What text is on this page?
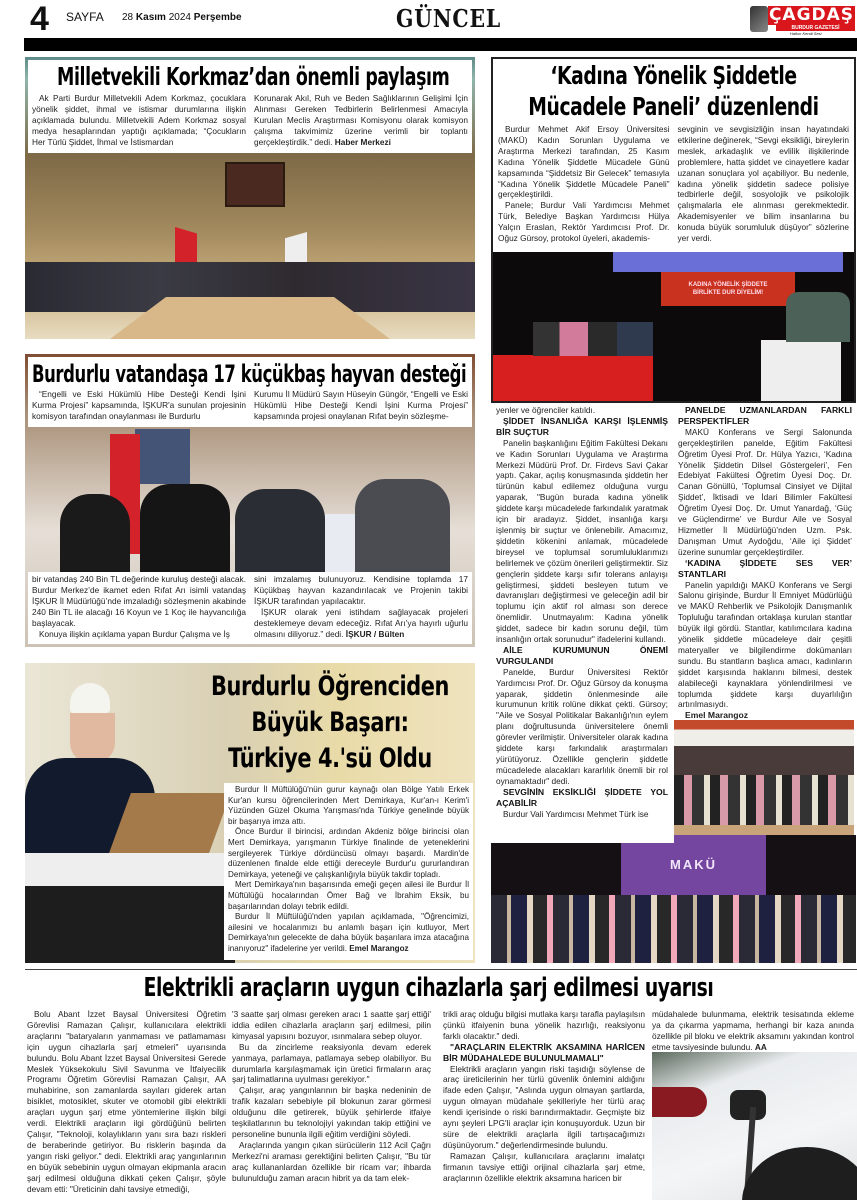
4 SAYFA 28 Kasım 2024 Perşembe	GÜNCEL	ÇAĞDAŞ
BURDUR GAZETESİ
Halkın Kendi Sesi
Milletvekili Korkmaz’dan önemli paylaşım

Ak Parti Burdur Milletvekili Adem Korkmaz, çocuklara yönelik şiddet, ihmal ve istismar durumlarına ilişkin açıklamada bulundu. Milletvekili Adem Korkmaz sosyal medya hesaplarından yaptığı açıklamada; “Çocukların Her Türlü Şiddet, İhmal ve İstismardan

Korunarak Akıl, Ruh ve Beden Sağlıklarının Gelişimi İçin Alınması Gereken Tedbirlerin Belirlenmesi Amacıyla Kurulan Meclis Araştırması Komisyonu olarak komisyon çalışma takvimimiz üzerine verimli bir toplantı gerçekleştirdik.” dedi. Haber Merkezi

‘Kadına Yönelik Şiddetle
Mücadele Paneli’ düzenlendi

Burdur Mehmet Akif Ersoy Üniversitesi (MAKÜ) Kadın Sorunları Uygulama ve Araştırma Merkezi tarafından, 25 Kasım Kadına Yönelik Şiddetle Mücadele Günü kapsamında “Şiddetsiz Bir Gelecek” temasıyla “Kadına Yönelik Şiddetle Mücadele Paneli” gerçekleştirildi.

Panele; Burdur Vali Yardımcısı Mehmet Türk, Belediye Başkan Yardımcısı Hülya Yalçın Eraslan, Rektör Yardımcısı Prof. Dr. Oğuz Gürsoy, protokol üyeleri, akademis-

sevginin ve sevgisizliğin insan hayatındaki etkilerine değinerek, “Sevgi eksikliği, bireylerin meslek, arkadaşlık ve evlilik ilişkilerinde problemlere, hatta şiddet ve cinayetlere kadar uzanan sonuçlara yol açabiliyor. Bu nedenle, kadına yönelik şiddetin sadece polisiye tedbirlerle değil, sosyolojik ve psikolojik çalışmalarla ele alınması gerekmektedir. Akademisyenler ve bilim insanlarına bu konuda büyük sorumluluk düşüyor” sözlerine yer verdi.

KADINA YÖNELİK ŞİDDETE BİRLİKTE DUR DİYELİM!

yenler ve öğrenciler katıldı.

ŞİDDET İNSANLIĞA KARŞI İŞLENMİŞ BİR SUÇTUR

Panelin başkanlığını Eğitim Fakültesi Dekanı ve Kadın Sorunları Uygulama ve Araştırma Merkezi Müdürü Prof. Dr. Firdevs Savi Çakar yaptı. Çakar, açılış konuşmasında şiddetin her türünün kabul edilemez olduğuna vurgu yaparak, "Bugün burada kadına yönelik şiddete karşı mücadelede farkındalık yaratmak için bir aradayız. Şiddet, insanlığa karşı işlenmiş bir suçtur ve önlenebilir. Amacımız, şiddetin kökenini anlamak, mücadelede bireysel ve toplumsal sorumluluklarımızı belirlemek ve çözüm önerileri geliştirmektir. Siz gençlerin şiddete karşı sıfır tolerans anlayışı geliştirmesi, şiddeti besleyen tutum ve davranışları değiştirmesi ve geleceğin adil bir toplumu için aktif rol alması son derece önemlidir. Unutmayalım: Kadına yönelik şiddet, sadece bir kadın sorunu değil, tüm insanlığın ortak sorunudur" ifadelerini kullandı.

AİLE KURUMUNUN ÖNEMİ VURGULANDI

Panelde, Burdur Üniversitesi Rektör Yardımcısı Prof. Dr. Oğuz Gürsoy da konuşma yaparak, şiddetin önlenmesinde aile kurumunun kritik rolüne dikkat çekti. Gürsoy; "Aile ve Sosyal Politikalar Bakanlığı'nın eylem planı doğrultusunda üniversitelere önemli görevler verilmiştir. Üniversiteler olarak kadına şiddete karşı farkındalık araştırmaları yürütüyoruz. Özellikle gençlerin şiddetle mücadelede alacakları kararlılık önemli bir rol oynamaktadır" dedi.

SEVGİNİN EKSİKLİĞİ ŞİDDETE YOL AÇABİLİR

Burdur Vali Yardımcısı Mehmet Türk ise

PANELDE UZMANLARDAN FARKLI PERSPEKTİFLER

MAKÜ Konferans ve Sergi Salonunda gerçekleştirilen panelde, Eğitim Fakültesi Öğretim Üyesi Prof. Dr. Hülya Yazıcı, ‘Kadına Yönelik Şiddetin Dilsel Göstergeleri’, Fen Edebiyat Fakültesi Öğretim Üyesi Doç. Dr. Canan Gönüllü, ‘Toplumsal Cinsiyet ve Dijital Şiddet’, İktisadi ve İdari Bilimler Fakültesi Öğretim Üyesi Doç. Dr. Umut Yanardağ, ‘Güç ve Güçlendirme’ ve Burdur Aile ve Sosyal Hizmetler İl Müdürlüğü’nden Uzm. Psk. Danışman Umut Aydoğdu, ‘Aile içi Şiddet’ üzerine sunumlar gerçekleştirdiler.

‘KADINA ŞİDDETE SES VER’ STANTLARI

Panelin yapıldığı MAKÜ Konferans ve Sergi Salonu girişinde, Burdur İl Emniyet Müdürlüğü ve MAKÜ Rehberlik ve Psikolojik Danışmanlık Topluluğu tarafından ortaklaşa kurulan stantlar büyük ilgi gördü. Stantlar, katılımcılara kadına yönelik şiddetle mücadeleye dair çeşitli materyaller ve bilgilendirme dokümanları sundu. Bu stantların başlıca amacı, kadınların şiddet karşısında haklarını bilmesi, destek alabileceği kaynaklara yönlendirilmesi ve toplumda şiddete karşı duyarlılığın artırılmasıydı.

Emel Marangoz
MAKÜ
Burdurlu vatandaşa 17 küçükbaş hayvan desteği

“Engelli ve Eski Hükümlü Hibe Desteği Kendi İşini Kurma Projesi” kapsamında, İŞKUR'a sunulan projesinin komisyon tarafından onaylanması ile Burdurlu

Kurumu İl Müdürü Sayın Hüseyin Güngör, “Engelli ve Eski Hükümlü Hibe Desteği Kendi İşini Kurma Projesi” kapsamında projesi onaylanan Rıfat beyin sözleşme-

bir vatandaş 240 Bin TL değerinde kuruluş desteği alacak. Burdur Merkez’de ikamet eden Rıfat Arı isimli vatandaş İŞKUR İl Müdürlüğü’nde imzaladığı sözleşmenin akabinde 240 Bin TL ile alacağı 16 Koyun ve 1 Koç ile hayvancılığa başlayacak.

Konuya ilişkin açıklama yapan Burdur Çalışma ve İş

sini imzalamış bulunuyoruz. Kendisine toplamda 17 Küçükbaş hayvan kazandırılacak ve Projenin takibi İŞKUR tarafından yapılacaktır.

İŞKUR olarak yeni istihdam sağlayacak projeleri desteklemeye devam edeceğiz. Rıfat Arı’ya hayırlı uğurlu olmasını diliyoruz.” dedi. İŞKUR / Bülten

Burdurlu Öğrenciden
Büyük Başarı:
Türkiye 4.'sü Oldu

Burdur İl Müftülüğü'nün gurur kaynağı olan Bölge Yatılı Erkek Kur'an kursu öğrencilerinden Mert Demirkaya, Kur'an-ı Kerim'i Yüzünden Güzel Okuma Yarışması'nda Türkiye genelinde büyük bir başarıya imza attı.

Önce Burdur il birincisi, ardından Akdeniz bölge birincisi olan Mert Demirkaya, yarışmanın Türkiye finalinde de yeteneklerini sergileyerek Türkiye dördüncüsü olmayı başardı. Mardin'de düzenlenen finalde elde ettiği dereceyle Burdur'u gururlandıran Demirkaya, yeteneği ve çalışkanlığıyla büyük takdir topladı.

Mert Demirkaya'nın başarısında emeği geçen ailesi ile Burdur İl Müftülüğü hocalarından Ömer Bağ ve İbrahim Eksik, bu başarılarından dolayı tebrik edildi.

Burdur İl Müftülüğü'nden yapılan açıklamada, "Öğrencimizi, ailesini ve hocalarımızı bu anlamlı başarı için kutluyor, Mert Demirkaya'nın gelecekte de daha büyük başarılara imza atacağına inanıyoruz" ifadelerine yer verildi. Emel Marangoz

Elektrikli araçların uygun cihazlarla şarj edilmesi uyarısı

Bolu Abant İzzet Baysal Üniversitesi Öğretim Görevlisi Ramazan Çalışır, kullanıcılara elektrikli araçlarını "bataryaların yanmaması ve patlamaması için uygun cihazlarla şarj etmeleri" uyarısında bulundu. Bolu Abant İzzet Baysal Üniversitesi Gerede Meslek Yüksekokulu Sivil Savunma ve İtfaiyecilik Programı Öğretim Görevlisi Ramazan Çalışır, AA muhabirine, son zamanlarda sayıları giderek artan bisiklet, motosiklet, skuter ve otomobil gibi elektrikli araçları uygun şarj etme yöntemlerine ilişkin bilgi verdi. Elektrikli araçların ilgi gördüğünü belirten Çalışır, "Teknoloji, kolaylıkların yanı sıra bazı riskleri de beraberinde getiriyor. Bu risklerin başında da yangın riski geliyor." dedi. Elektrikli araç yangınlarının en büyük sebebinin uygun olmayan ekipmanla aracın şarj edilmesi olduğuna dikkati çeken Çalışır, şöyle devam etti: "Üreticinin dahi tavsiye etmediği,

'3 saatte şarj olması gereken aracı 1 saatte şarj ettiği' iddia edilen cihazlarla araçların şarj edilmesi, pilin kimyasal yapısını bozuyor, ısınmalara sebep oluyor.

Bu da zincirleme reaksiyonla devam ederek yanmaya, parlamaya, patlamaya sebep olabiliyor. Bu durumlarla karşılaşmamak için üretici firmaların araç şarj talimatlarına uyulması gerekiyor."

Çalışır, araç yangınlarının bir başka nedeninin de trafik kazaları sebebiyle pil blokunun zarar görmesi olduğunu dile getirerek, büyük şehirlerde itfaiye teşkilatlarının bu teknolojiyi yakından takip ettiğini ve personeline bununla ilgili eğitim verdiğini söyledi.

Araçlarında yangın çıkan sürücülerin 112 Acil Çağrı Merkezi'ni araması gerektiğini belirten Çalışır, "Bu tür araç kullananlardan özellikle bir ricam var; ihbarda bulunulduğu zaman aracın hibrit ya da tam elek-

trikli araç olduğu bilgisi mutlaka karşı tarafla paylaşılsın çünkü itfaiyenin buna yönelik hazırlığı, reaksiyonu farklı olacaktır." dedi.

"ARAÇLARIN ELEKTRİK AKSAMINA HARİCEN BİR MÜDAHALEDE BULUNULMAMALI"

Elektrikli araçların yangın riski taşıdığı söylense de araç üreticilerinin her türlü güvenlik önlemini aldığını ifade eden Çalışır, "Aslında uygun olmayan şartlarda, uygun olmayan müdahale şekilleriyle her türlü araç kendi içerisinde o riski barındırmaktadır. Geçmişte biz aynı şeyleri LPG'li araçlar için konuşuyorduk. Uzun bir süre de elektrikli araçlarla ilgili tartışacağımızı düşünüyorum." değerlendirmesinde bulundu.

Ramazan Çalışır, kullanıcılara araçlarını imalatçı firmanın tavsiye ettiği orijinal cihazlarla şarj etme, araçlarının özellikle elektrik aksamına haricen bir

müdahalede bulunmama, elektrik tesisatında ekleme ya da çıkarma yapmama, herhangi bir kaza anında özellikle pil bloku ve elektrik aksamını yakından kontrol etme tavsiyesinde bulundu. AA
